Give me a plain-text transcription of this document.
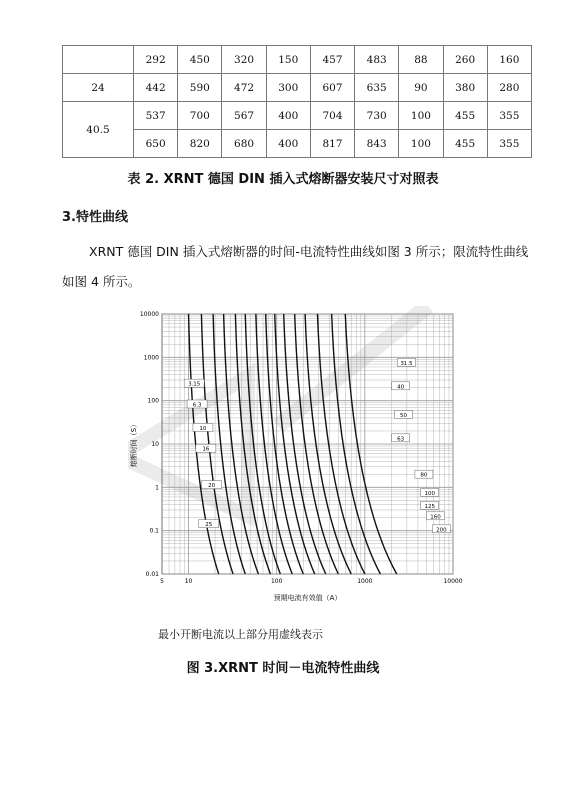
	292	450	320	150	457	483	88	260	160
24	442	590	472	300	607	635	90	380	280
40.5	537	700	567	400	704	730	100	455	355
	650	820	680	400	817	843	100	455	355
表 2. XRNT 德国 DIN 插入式熔断器安装尺寸对照表
3.特性曲线
XRNT 德国 DIN 插入式熔断器的时间-电流特性曲线如图 3 所示；限流特性曲线如图 4 所示。
3.15
6.3
10
16
20
25
31.5
40
50
63
80
100
125
160
200
5	10	100	1000	10000
10000
1000
100
10
1
0.1
0.01
预期电流有效值（A）
熔断时间（S）
最小开断电流以上部分用虚线表示
图 3.XRNT 时间－电流特性曲线
